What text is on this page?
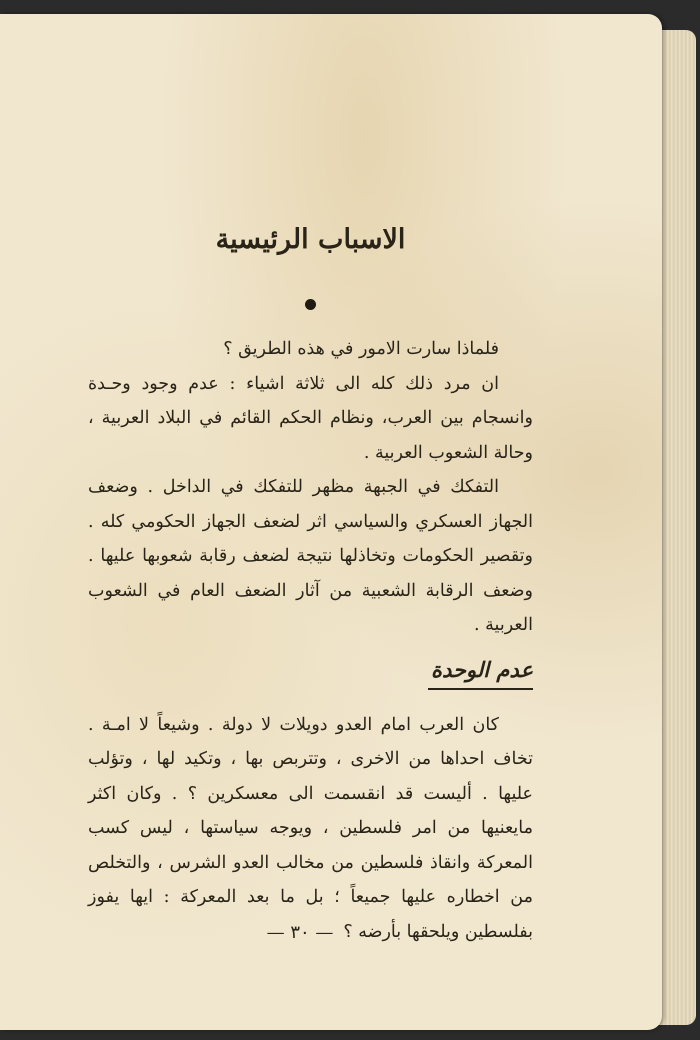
الاسباب الرئيسية

فلماذا سارت الامور في هذه الطريق ؟

ان مرد ذلك كله الى ثلاثة اشياء : عدم وجود وحـدة وانسجام بين العرب، ونظام الحكم القائم في البلاد العربية ، وحالة الشعوب العربية .

التفكك في الجبهة مظهر للتفكك في الداخل . وضعف الجهاز العسكري والسياسي اثر لضعف الجهاز الحكومي كله . وتقصير الحكومات وتخاذلها نتيجة لضعف رقابة شعوبها عليها . وضعف الرقابة الشعبية من آثار الضعف العام في الشعوب العربية .

عدم الوحدة

كان العرب امام العدو دويلات لا دولة . وشيعاً لا امـة . تخاف احداها من الاخرى ، وتتربص بها ، وتكيد لها ، وتؤلب عليها . أليست قد انقسمت الى معسكرين ؟ . وكان اكثر مايعنيها من امر فلسطين ، ويوجه سياستها ، ليس كسب المعركة وانقاذ فلسطين من مخالب العدو الشرس ، والتخلص من اخطاره عليها جميعاً ؛ بل ما بعد المعركة : ايها يفوز بفلسطين ويلحقها بأرضه ؟

— ٣٠ —
